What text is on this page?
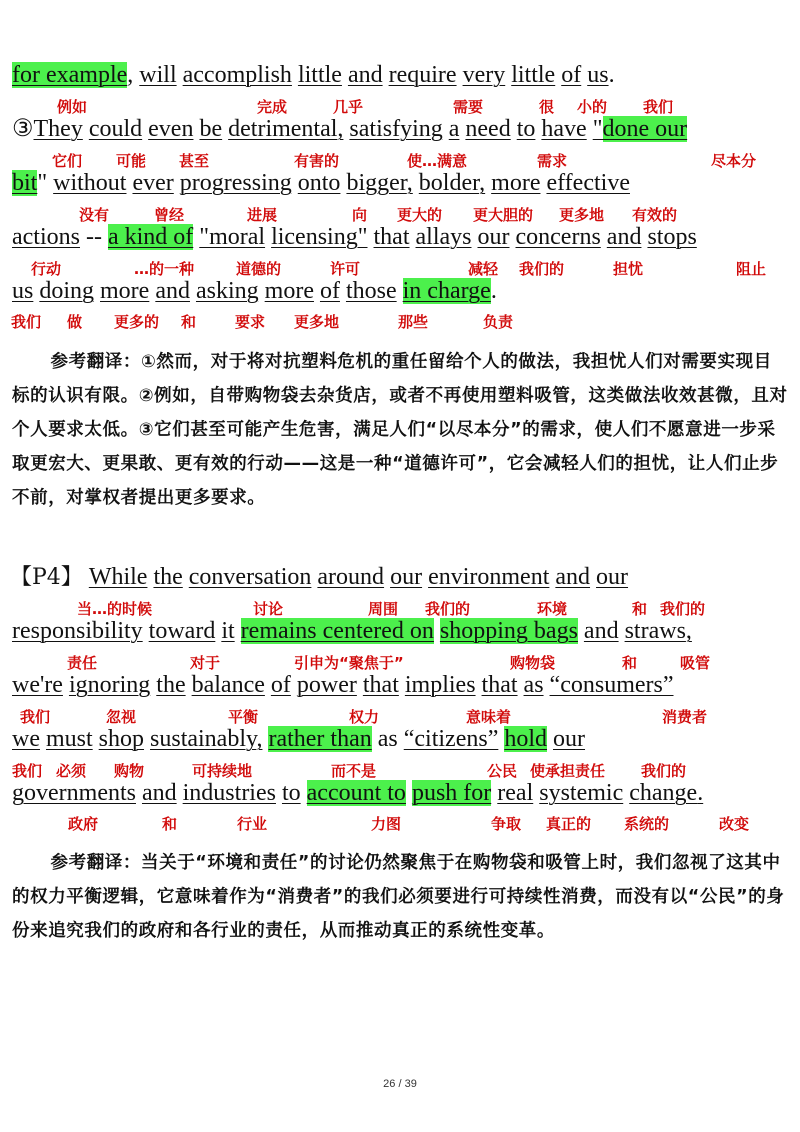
for example, will accomplish little and require very little of us.
例如	完成	几乎	需要	很 小的 我们
③They could even be detrimental, satisfying a need to have "done our
它们 可能 甚至	有害的	使…满意	需求	尽本分
bit" without ever progressing onto bigger, bolder, more effective
没有	曾经	进展	向 更大的 更大胆的 更多地 有效的
actions -- a kind of "moral licensing" that allays our concerns and stops
行动	…的一种	道德的	许可	减轻 我们的	担忧	阻止
us doing more and asking more of those in charge.
我们 做 更多的 和	要求 更多地	那些	负责
参考翻译：①然而，对于将对抗塑料危机的重任留给个人的做法，我担忧人们对需要实现目标的认识有限。②例如，自带购物袋去杂货店，或者不再使用塑料吸管，这类做法收效甚微，且对个人要求太低。③它们甚至可能产生危害，满足人们“以尽本分”的需求，使人们不愿意进一步采取更宏大、更果敢、更有效的行动——这是一种“道德许可”，它会减轻人们的担忧，让人们止步不前，对掌权者提出更多要求。
【P4】 While the conversation around our environment and our
当…的时候	讨论	周围 我们的	环境	和 我们的
responsibility toward it remains centered on shopping bags and straws,
责任	对于	引申为“聚焦于”	购物袋	和	吸管
we're ignoring the balance of power that implies that as “consumers”
我们	忽视	平衡	权力	意味着	消费者
we must shop sustainably, rather than as “citizens” hold our
我们 必须 购物	可持续地	而不是	公民 使承担责任 我们的
governments and industries to account to push for real systemic change.
政府	和	行业	力图	争取 真正的 系统的	改变
参考翻译：当关于“环境和责任”的讨论仍然聚焦于在购物袋和吸管上时，我们忽视了这其中的权力平衡逻辑，它意味着作为“消费者”的我们必须要进行可持续性消费，而没有以“公民”的身份来追究我们的政府和各行业的责任，从而推动真正的系统性变革。
26 / 39
